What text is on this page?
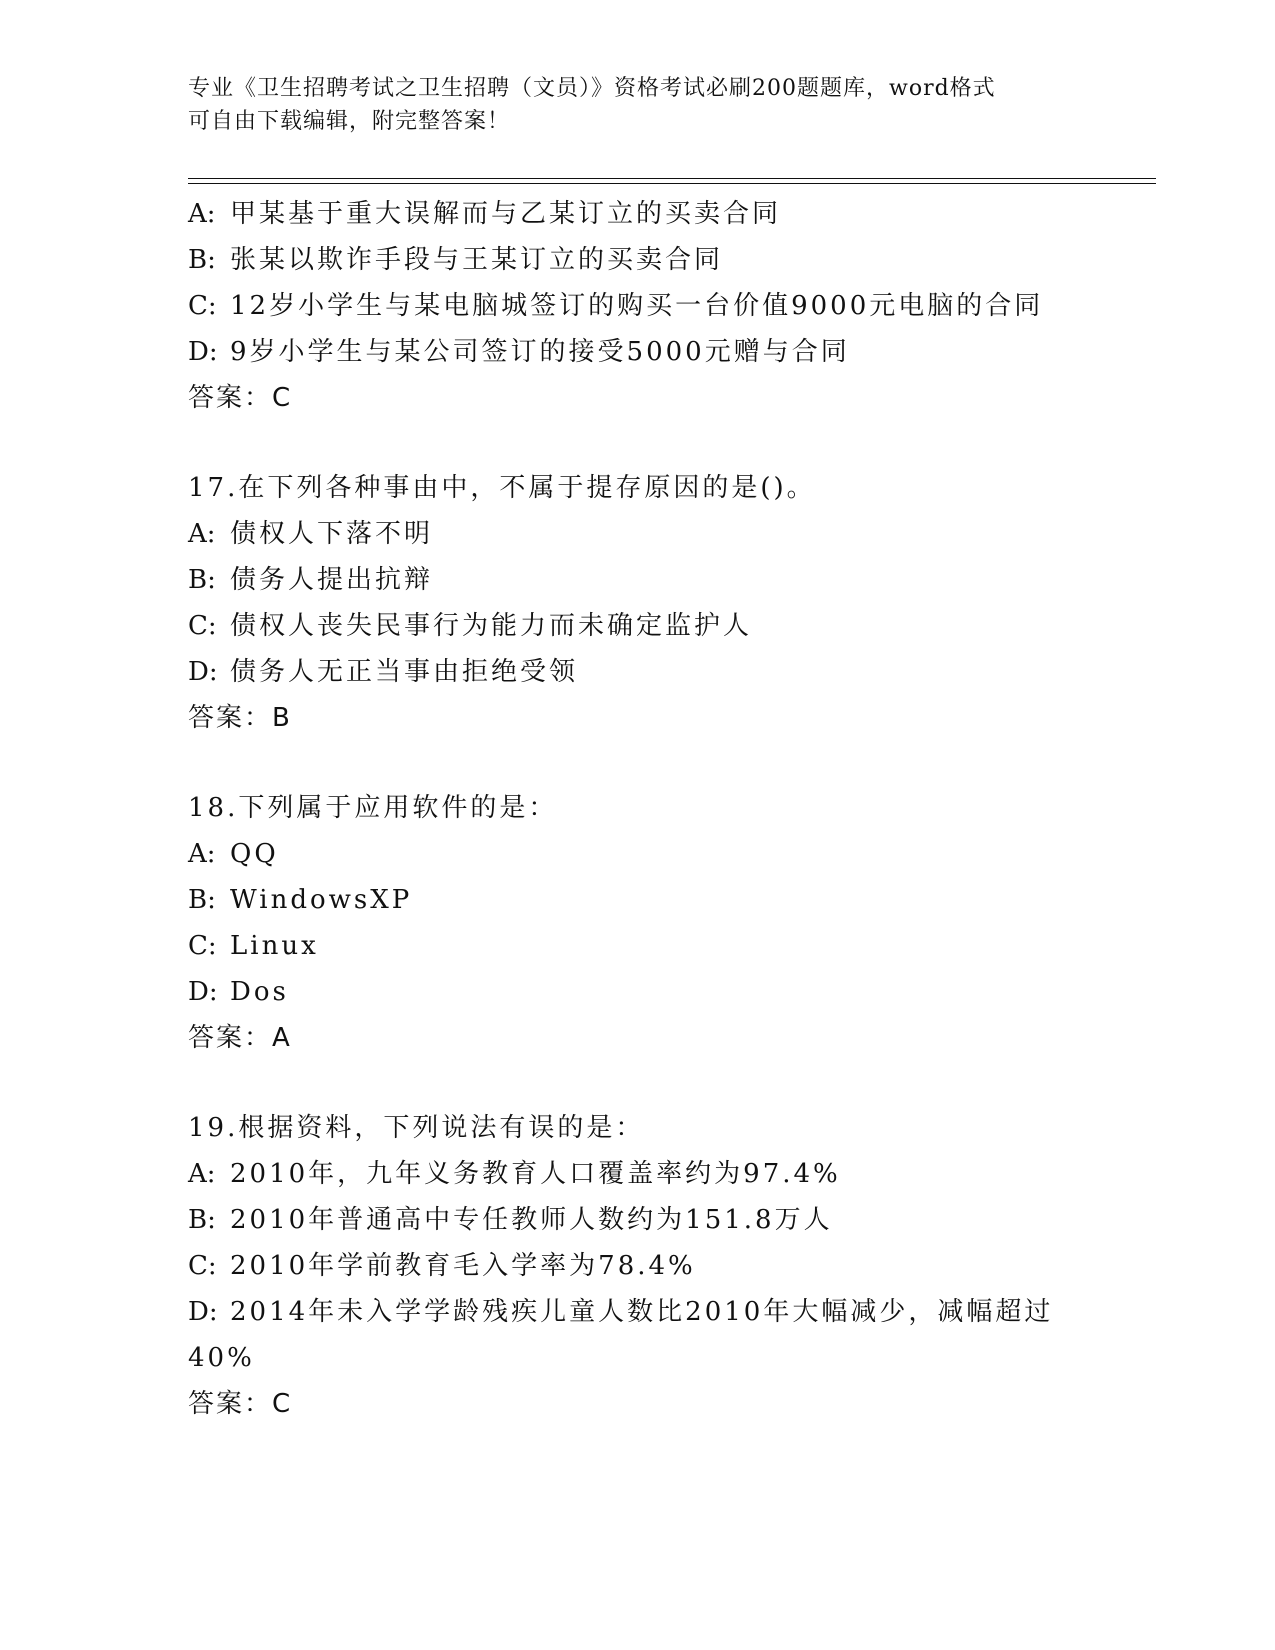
专业《卫生招聘考试之卫生招聘（文员）》资格考试必刷200题题库，word格式
可自由下载编辑，附完整答案！
A: 甲某基于重大误解而与乙某订立的买卖合同
B: 张某以欺诈手段与王某订立的买卖合同
C: 12岁小学生与某电脑城签订的购买一台价值9000元电脑的合同
D: 9岁小学生与某公司签订的接受5000元赠与合同
答案：C
17.在下列各种事由中，不属于提存原因的是()。
A: 债权人下落不明
B: 债务人提出抗辩
C: 债权人丧失民事行为能力而未确定监护人
D: 债务人无正当事由拒绝受领
答案：B
18.下列属于应用软件的是：
A: QQ
B: WindowsXP
C: Linux
D: Dos
答案：A
19.根据资料，下列说法有误的是：
A: 2010年，九年义务教育人口覆盖率约为97.4%
B: 2010年普通高中专任教师人数约为151.8万人
C: 2010年学前教育毛入学率为78.4%
D: 2014年未入学学龄残疾儿童人数比2010年大幅减少，减幅超过
40%
答案：C
